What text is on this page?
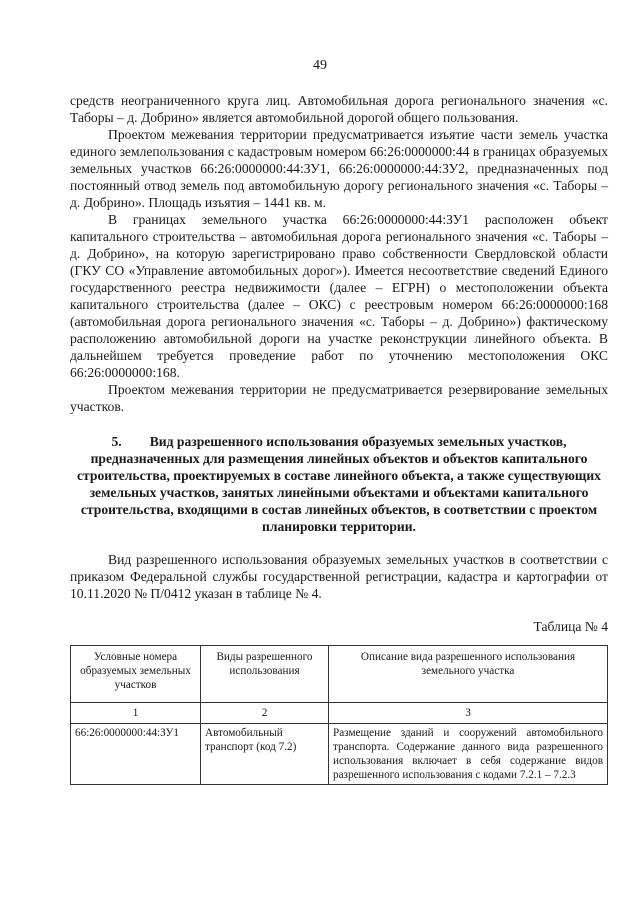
49

средств неограниченного круга лиц. Автомобильная дорога регионального значения «с. Таборы – д. Добрино» является автомобильной дорогой общего пользования.

Проектом межевания территории предусматривается изъятие части земель участка единого землепользования с кадастровым номером 66:26:0000000:44 в границах образуемых земельных участков 66:26:0000000:44:ЗУ1, 66:26:0000000:44:ЗУ2, предназначенных под постоянный отвод земель под автомобильную дорогу регионального значения «с. Таборы – д. Добрино». Площадь изъятия – 1441 кв. м.

В границах земельного участка 66:26:0000000:44:ЗУ1 расположен объект капитального строительства – автомобильная дорога регионального значения «с. Таборы – д. Добрино», на которую зарегистрировано право собственности Свердловской области (ГКУ СО «Управление автомобильных дорог»). Имеется несоответствие сведений Единого государственного реестра недвижимости (далее – ЕГРН) о местоположении объекта капитального строительства (далее – ОКС) с реестровым номером 66:26:0000000:168 (автомобильная дорога регионального значения «с. Таборы – д. Добрино») фактическому расположению автомобильной дороги на участке реконструкции линейного объекта. В дальнейшем требуется проведение работ по уточнению местоположения ОКС 66:26:0000000:168.

Проектом межевания территории не предусматривается резервирование земельных участков.

5. Вид разрешенного использования образуемых земельных участков, предназначенных для размещения линейных объектов и объектов капитального строительства, проектируемых в составе линейного объекта, а также существующих земельных участков, занятых линейными объектами и объектами капитального строительства, входящими в состав линейных объектов, в соответствии с проектом планировки территории.

Вид разрешенного использования образуемых земельных участков в соответствии с приказом Федеральной службы государственной регистрации, кадастра и картографии от 10.11.2020 № П/0412 указан в таблице № 4.

Таблица № 4
Условные номера образуемых земельных участков	Виды разрешенного использования	Описание вида разрешенного использования земельного участка
1	2	3
66:26:0000000:44:ЗУ1	Автомобильный транспорт (код 7.2)	Размещение зданий и сооружений автомобильного транспорта. Содержание данного вида разрешенного использования включает в себя содержание видов разрешенного использования с кодами 7.2.1 – 7.2.3
